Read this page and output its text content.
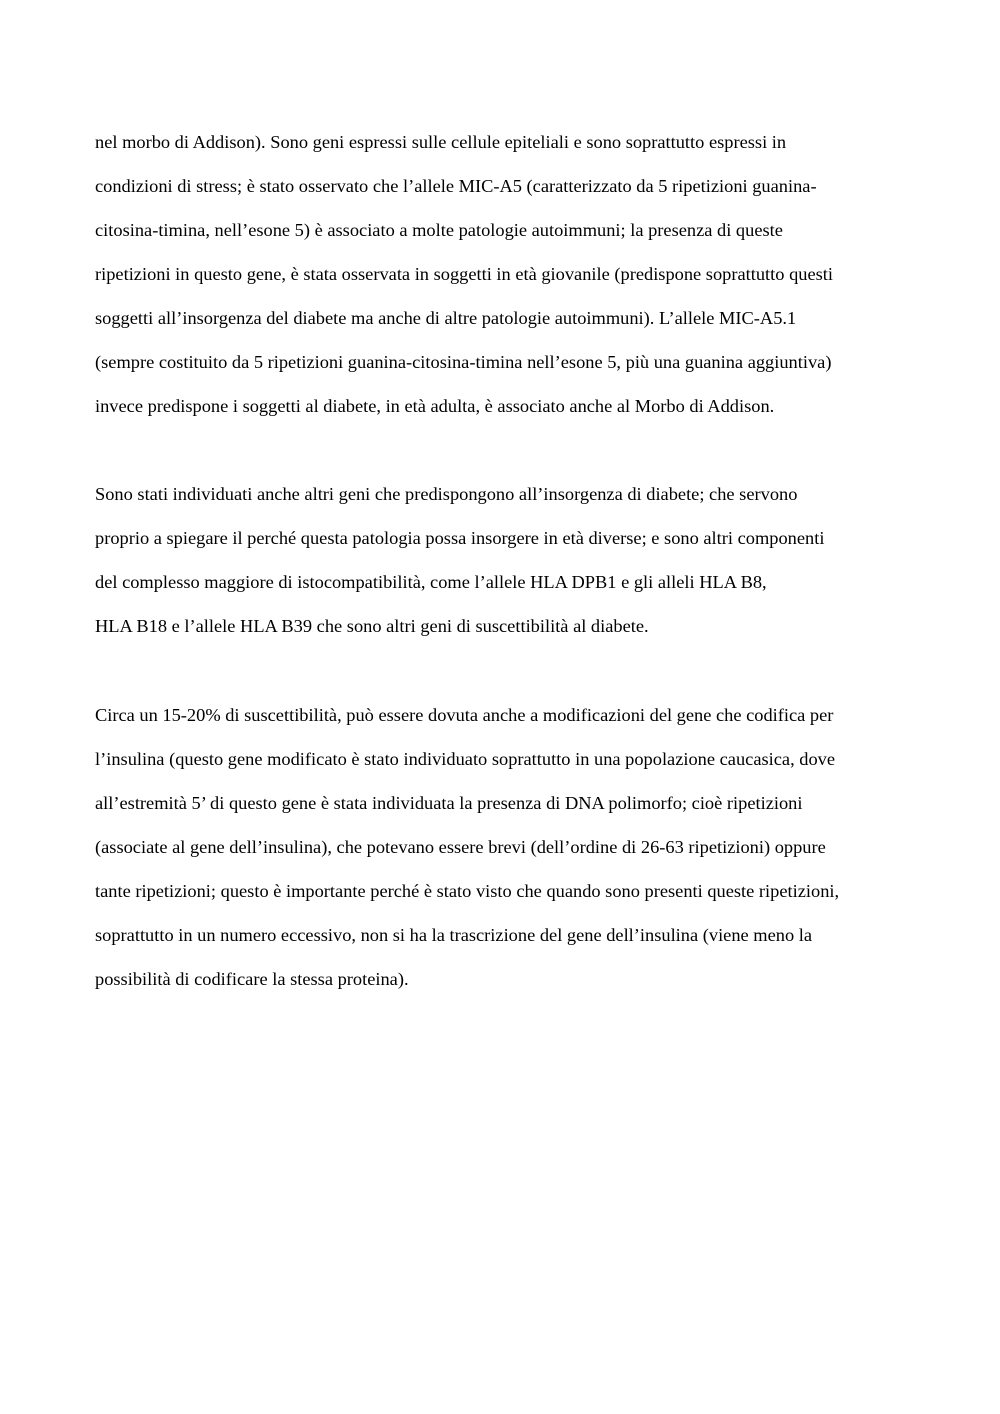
nel morbo di Addison). Sono geni espressi sulle cellule epiteliali e sono soprattutto espressi in
condizioni di stress; è stato osservato che l’allele MIC-A5 (caratterizzato da 5 ripetizioni guanina-
citosina-timina, nell’esone 5) è associato a molte patologie autoimmuni; la presenza di queste
ripetizioni in questo gene, è stata osservata in soggetti in età giovanile (predispone soprattutto questi
soggetti all’insorgenza del diabete ma anche di altre patologie autoimmuni). L’allele MIC-A5.1
(sempre costituito da 5 ripetizioni guanina-citosina-timina nell’esone 5, più una guanina aggiuntiva)
invece predispone i soggetti al diabete, in età adulta, è associato anche al Morbo di Addison.
Sono stati individuati anche altri geni che predispongono all’insorgenza di diabete; che servono
proprio a spiegare il perché questa patologia possa insorgere in età diverse; e sono altri componenti
del complesso maggiore di istocompatibilità, come l’allele HLA DPB1 e gli alleli HLA B8,
HLA B18 e l’allele HLA B39 che sono altri geni di suscettibilità al diabete.
Circa un 15-20% di suscettibilità, può essere dovuta anche a modificazioni del gene che codifica per
l’insulina (questo gene modificato è stato individuato soprattutto in una popolazione caucasica, dove
all’estremità 5’ di questo gene è stata individuata la presenza di DNA polimorfo; cioè ripetizioni
(associate al gene dell’insulina), che potevano essere brevi (dell’ordine di 26-63 ripetizioni) oppure
tante ripetizioni; questo è importante perché è stato visto che quando sono presenti queste ripetizioni,
soprattutto in un numero eccessivo, non si ha la trascrizione del gene dell’insulina (viene meno la
possibilità di codificare la stessa proteina).
